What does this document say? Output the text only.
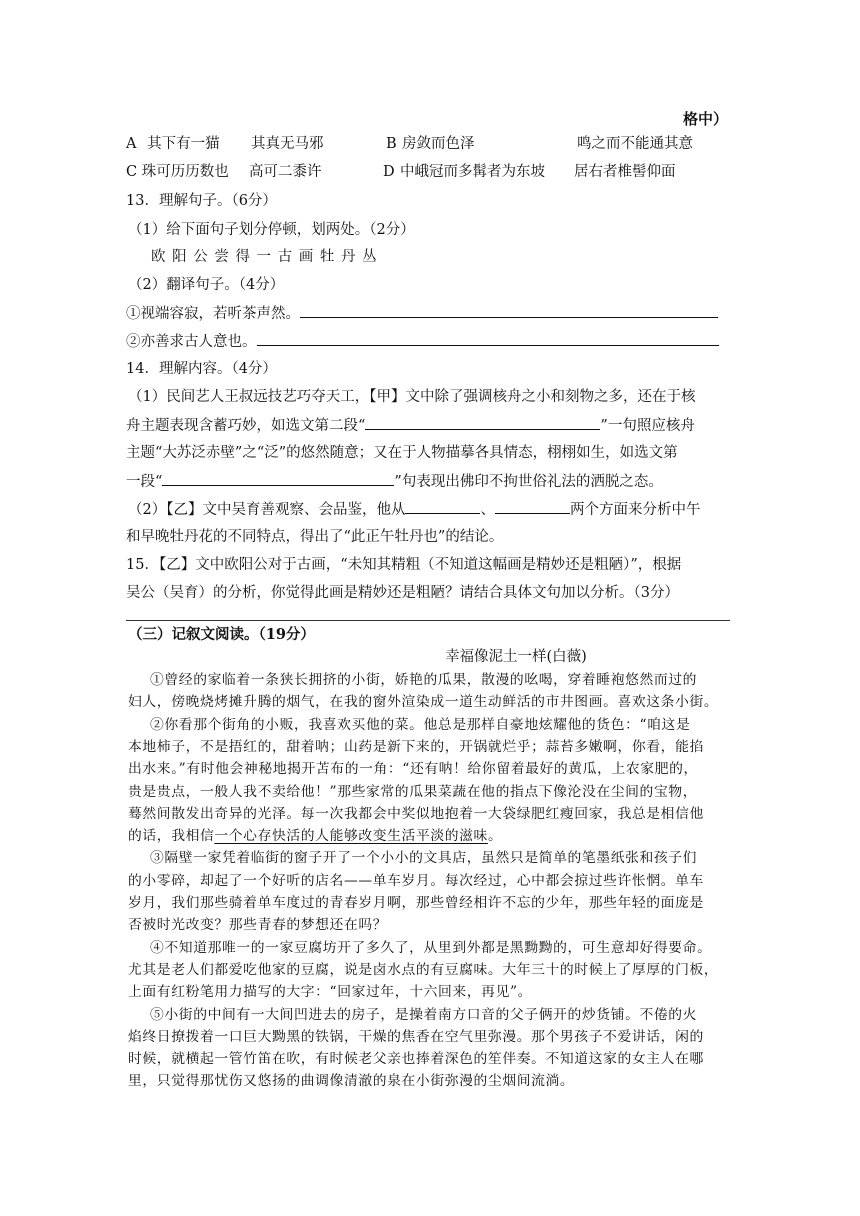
格中）
A 其下有一猫 其真无马邪	B 房敛而色泽	鸣之而不能通其意
C 珠可历历数也 高可二黍许	D 中峨冠而多髯者为东坡 居右者椎髻仰面
13．理解句子。（6分）
（1）给下面句子划分停顿，划两处。（2分）
欧 阳 公 尝 得 一 古 画 牡 丹 丛
（2）翻译句子。（4分）
①视端容寂，若听茶声然。
②亦善求古人意也。
14．理解内容。（4分）
（1）民间艺人王叔远技艺巧夺天工，【甲】文中除了强调核舟之小和刻物之多，还在于核
舟主题表现含蓄巧妙，如选文第二段“	”一句照应核舟
主题“大苏泛赤壁”之“泛”的悠然随意；又在于人物描摹各具情态，栩栩如生，如选文第
一段“	”句表现出佛印不拘世俗礼法的洒脱之态。
（2）【乙】文中吴育善观察、会品鉴，他从	、	两个方面来分析中午
和早晚牡丹花的不同特点，得出了“此正午牡丹也”的结论。
15．【乙】文中欧阳公对于古画，“未知其精粗（不知道这幅画是精妙还是粗陋）”，根据
吴公（吴育）的分析，你觉得此画是精妙还是粗陋？请结合具体文句加以分析。（3分）
（三）记叙文阅读。（19分）
幸福像泥土一样(白薇)
①曾经的家临着一条狭长拥挤的小街，娇艳的瓜果，散漫的吆喝，穿着睡袍悠然而过的
妇人，傍晚烧烤摊升腾的烟气，在我的窗外渲染成一道生动鲜活的市井图画。喜欢这条小街。
②你看那个街角的小贩，我喜欢买他的菜。他总是那样自豪地炫耀他的货色：“咱这是
本地柿子，不是捂红的，甜着呐；山药是新下来的，开锅就烂乎；蒜苔多嫩啊，你看，能掐
出水来。”有时他会神秘地揭开苫布的一角：“还有呐！给你留着最好的黄瓜，上农家肥的，
贵是贵点，一般人我不卖给他！”那些家常的瓜果菜蔬在他的指点下像沦没在尘间的宝物，
蓦然间散发出奇异的光泽。每一次我都会中奖似地抱着一大袋绿肥红瘦回家，我总是相信他
的话，我相信一个心存快活的人能够改变生活平淡的滋味。
③隔壁一家凭着临街的窗子开了一个小小的文具店，虽然只是简单的笔墨纸张和孩子们
的小零碎，却起了一个好听的店名——单车岁月。每次经过，心中都会掠过些许怅惘。单车
岁月，我们那些骑着单车度过的青春岁月啊，那些曾经相许不忘的少年，那些年轻的面庞是
否被时光改变？那些青春的梦想还在吗？
④不知道那唯一的一家豆腐坊开了多久了，从里到外都是黑黝黝的，可生意却好得要命。
尤其是老人们都爱吃他家的豆腐，说是卤水点的有豆腐味。大年三十的时候上了厚厚的门板，
上面有红粉笔用力描写的大字：“回家过年，十六回来，再见”。
⑤小街的中间有一大间凹进去的房子，是操着南方口音的父子俩开的炒货铺。不倦的火
焰终日撩拨着一口巨大黝黑的铁锅，干燥的焦香在空气里弥漫。那个男孩子不爱讲话，闲的
时候，就横起一管竹笛在吹，有时候老父亲也捧着深色的笙伴奏。不知道这家的女主人在哪
里，只觉得那忧伤又悠扬的曲调像清澈的泉在小街弥漫的尘烟间流淌。
